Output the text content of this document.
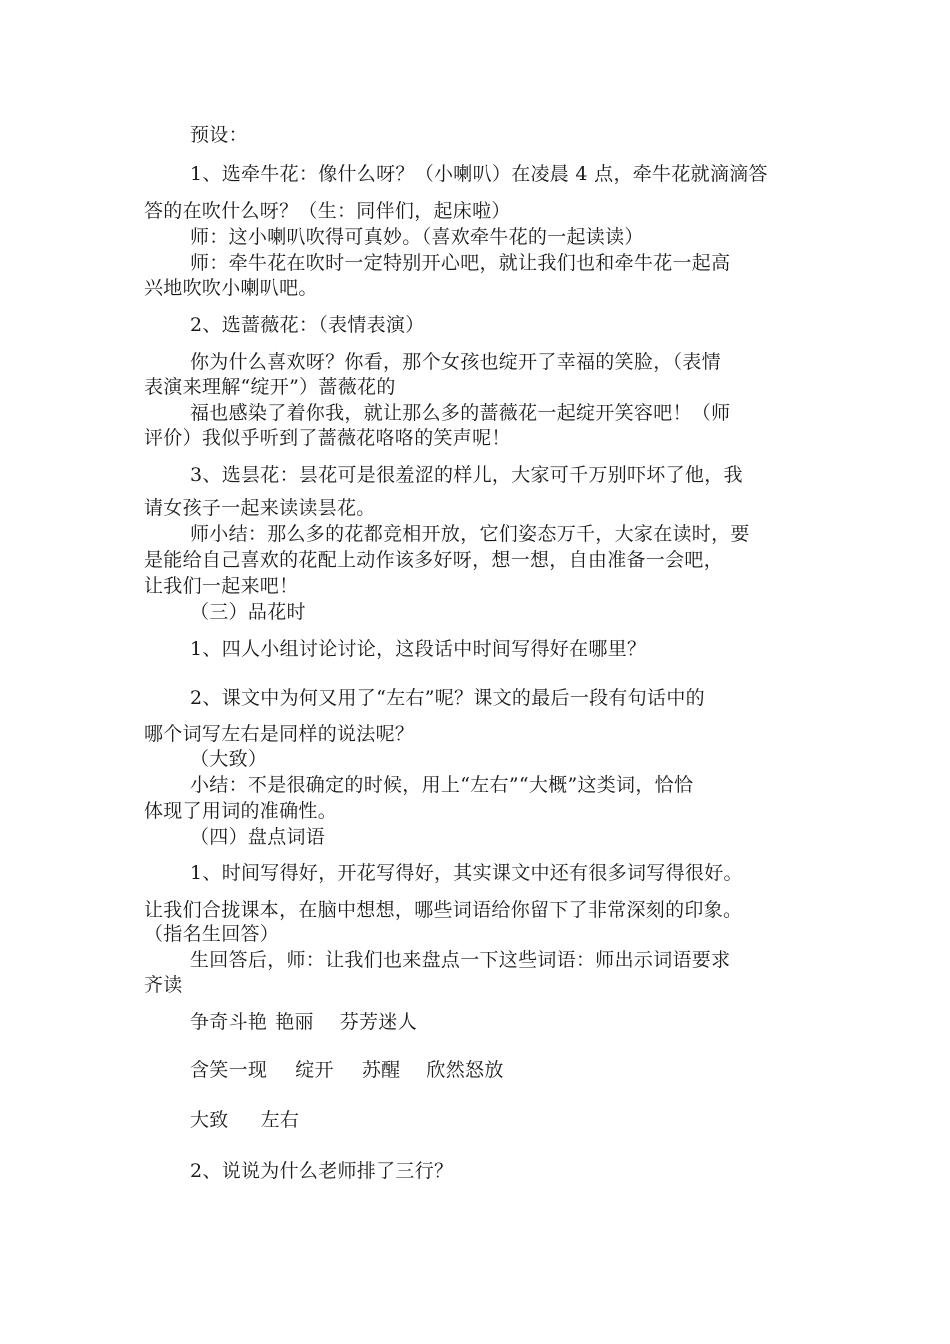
预设：
1、选牵牛花：像什么呀？（小喇叭）在凌晨 4 点，牵牛花就滴滴答
答的在吹什么呀？（生：同伴们，起床啦）
师：这小喇叭吹得可真妙。（喜欢牵牛花的一起读读）
师：牵牛花在吹时一定特别开心吧，就让我们也和牵牛花一起高
兴地吹吹小喇叭吧。
2、选蔷薇花：（表情表演）
你为什么喜欢呀？你看，那个女孩也绽开了幸福的笑脸，（表情
表演来理解“绽开”）蔷薇花的
福也感染了着你我，就让那么多的蔷薇花一起绽开笑容吧！（师
评价）我似乎听到了蔷薇花咯咯的笑声呢！
3、选昙花：昙花可是很羞涩的样儿，大家可千万别吓坏了他，我
请女孩子一起来读读昙花。
师小结：那么多的花都竞相开放，它们姿态万千，大家在读时，要
是能给自己喜欢的花配上动作该多好呀，想一想，自由准备一会吧，
让我们一起来吧！
（三）品花时
1、四人小组讨论讨论，这段话中时间写得好在哪里？
2、课文中为何又用了“左右”呢？课文的最后一段有句话中的
哪个词写左右是同样的说法呢？
（大致）
小结：不是很确定的时候，用上“左右”“大概”这类词，恰恰
体现了用词的准确性。
（四）盘点词语
1、时间写得好，开花写得好，其实课文中还有很多词写得很好。
让我们合拢课本，在脑中想想，哪些词语给你留下了非常深刻的印象。
（指名生回答）
生回答后，师：让我们也来盘点一下这些词语：师出示词语要求
齐读
争奇斗艳 艳丽 芬芳迷人
含笑一现 绽开 苏醒 欣然怒放
大致 左右
2、说说为什么老师排了三行？
